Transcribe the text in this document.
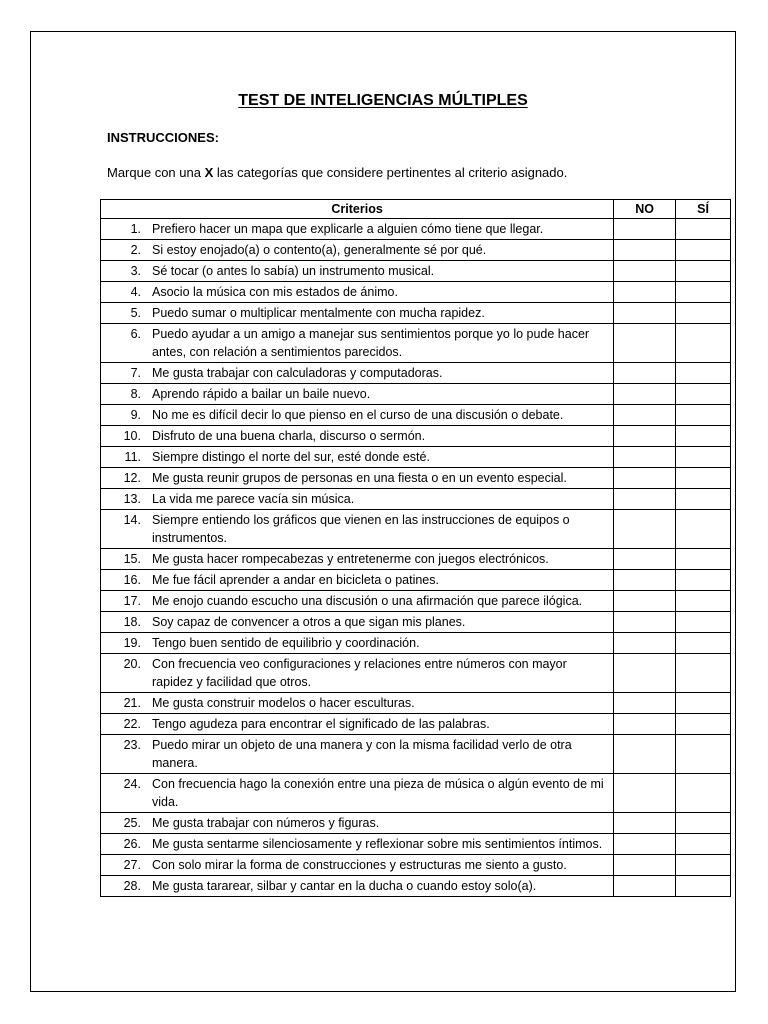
TEST DE INTELIGENCIAS MÚLTIPLES
INSTRUCCIONES:
Marque con una X las categorías que considere pertinentes al criterio asignado.
Criterios	NO	SÍ

1. Prefiero hacer un mapa que explicarle a alguien cómo tiene que llegar.		

2. Si estoy enojado(a) o contento(a), generalmente sé por qué.		

3. Sé tocar (o antes lo sabía) un instrumento musical.		

4. Asocio la música con mis estados de ánimo.		

5. Puedo sumar o multiplicar mentalmente con mucha rapidez.		

6. Puedo ayudar a un amigo a manejar sus sentimientos porque yo lo pude hacer antes, con relación a sentimientos parecidos.		

7. Me gusta trabajar con calculadoras y computadoras.		

8. Aprendo rápido a bailar un baile nuevo.		

9. No me es difícil decir lo que pienso en el curso de una discusión o debate.		

10. Disfruto de una buena charla, discurso o sermón.		

11. Siempre distingo el norte del sur, esté donde esté.		

12. Me gusta reunir grupos de personas en una fiesta o en un evento especial.		

13. La vida me parece vacía sin música.		

14. Siempre entiendo los gráficos que vienen en las instrucciones de equipos o instrumentos.		

15. Me gusta hacer rompecabezas y entretenerme con juegos electrónicos.		

16. Me fue fácil aprender a andar en bicicleta o patines.		

17. Me enojo cuando escucho una discusión o una afirmación que parece ilógica.		

18. Soy capaz de convencer a otros a que sigan mis planes.		

19. Tengo buen sentido de equilibrio y coordinación.		

20. Con frecuencia veo configuraciones y relaciones entre números con mayor rapidez y facilidad que otros.		

21. Me gusta construir modelos o hacer esculturas.		

22. Tengo agudeza para encontrar el significado de las palabras.		

23. Puedo mirar un objeto de una manera y con la misma facilidad verlo de otra manera.		

24. Con frecuencia hago la conexión entre una pieza de música o algún evento de mi vida.		

25. Me gusta trabajar con números y figuras.		

26. Me gusta sentarme silenciosamente y reflexionar sobre mis sentimientos íntimos.		

27. Con solo mirar la forma de construcciones y estructuras me siento a gusto.		

28. Me gusta tararear, silbar y cantar en la ducha o cuando estoy solo(a).		
